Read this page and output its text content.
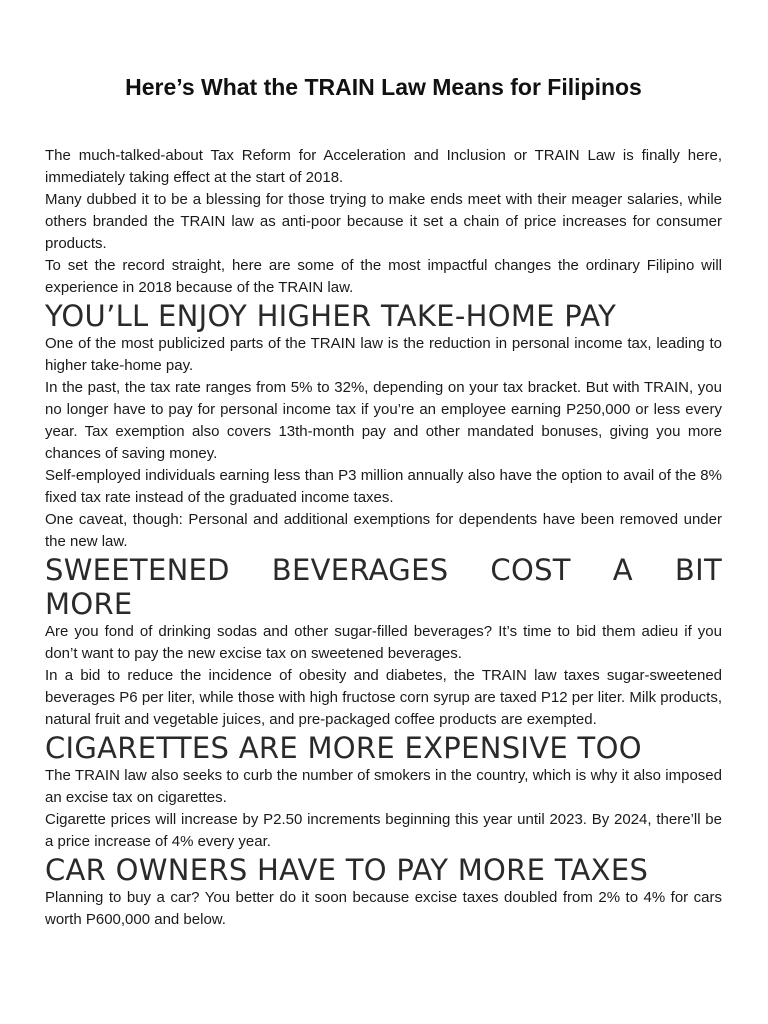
Here’s What the TRAIN Law Means for Filipinos

The much-talked-about Tax Reform for Acceleration and Inclusion or TRAIN Law is finally here, immediately taking effect at the start of 2018.

Many dubbed it to be a blessing for those trying to make ends meet with their meager salaries, while others branded the TRAIN law as anti-poor because it set a chain of price increases for consumer products.

To set the record straight, here are some of the most impactful changes the ordinary Filipino will experience in 2018 because of the TRAIN law.

YOU’LL ENJOY HIGHER TAKE-HOME PAY

One of the most publicized parts of the TRAIN law is the reduction in personal income tax, leading to higher take-home pay.

In the past, the tax rate ranges from 5% to 32%, depending on your tax bracket. But with TRAIN, you no longer have to pay for personal income tax if you’re an employee earning P250,000 or less every year. Tax exemption also covers 13th-month pay and other mandated bonuses, giving you more chances of saving money.

Self-employed individuals earning less than P3 million annually also have the option to avail of the 8% fixed tax rate instead of the graduated income taxes.

One caveat, though: Personal and additional exemptions for dependents have been removed under the new law.

SWEETENED BEVERAGES COST A BIT MORE

Are you fond of drinking sodas and other sugar-filled beverages? It’s time to bid them adieu if you don’t want to pay the new excise tax on sweetened beverages.

In a bid to reduce the incidence of obesity and diabetes, the TRAIN law taxes sugar-sweetened beverages P6 per liter, while those with high fructose corn syrup are taxed P12 per liter. Milk products, natural fruit and vegetable juices, and pre-packaged coffee products are exempted.

CIGARETTES ARE MORE EXPENSIVE TOO

The TRAIN law also seeks to curb the number of smokers in the country, which is why it also imposed an excise tax on cigarettes.

Cigarette prices will increase by P2.50 increments beginning this year until 2023. By 2024, there’ll be a price increase of 4% every year.

CAR OWNERS HAVE TO PAY MORE TAXES

Planning to buy a car? You better do it soon because excise taxes doubled from 2% to 4% for cars worth P600,000 and below.
